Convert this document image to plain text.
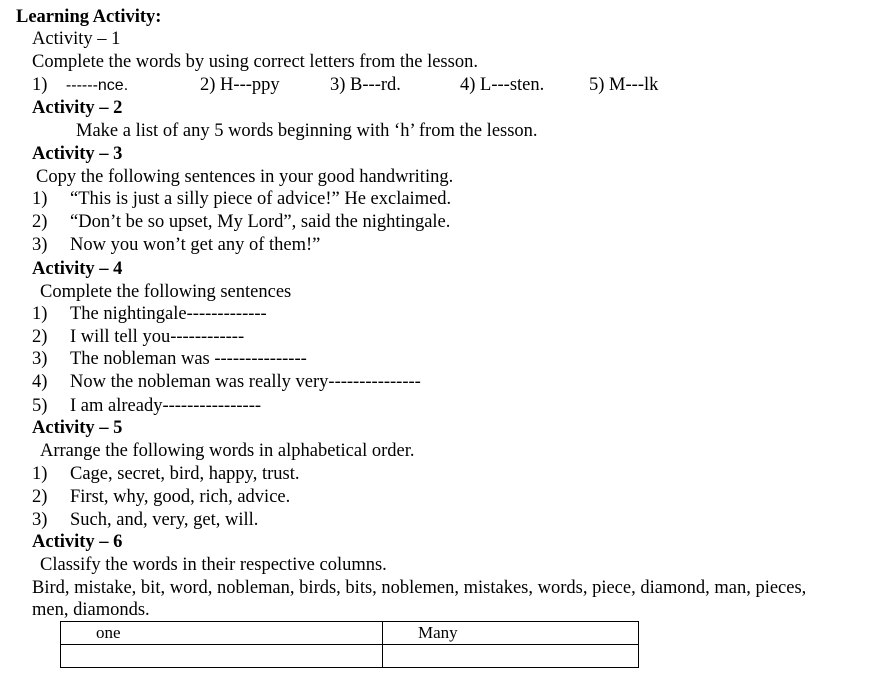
Learning Activity:
Activity – 1
Complete the words by using correct letters from the lesson.
1) ------nce.	2) H---ppy	3) B---rd.	4) L---sten. 5) M---lk
Activity – 2
Make a list of any 5 words beginning with ‘h’ from the lesson.
Activity – 3
Copy the following sentences in your good handwriting.
1) “This is just a silly piece of advice!” He exclaimed.
2) “Don’t be so upset, My Lord”, said the nightingale.
3) Now you won’t get any of them!”
Activity – 4
Complete the following sentences
1) The nightingale-------------
2) I will tell you------------
3) The nobleman was ---------------
4) Now the nobleman was really very---------------
5) I am already----------------
Activity – 5
Arrange the following words in alphabetical order.
1) Cage, secret, bird, happy, trust.
2) First, why, good, rich, advice.
3) Such, and, very, get, will.
Activity – 6
Classify the words in their respective columns.
Bird, mistake, bit, word, nobleman, birds, bits, noblemen, mistakes, words, piece, diamond, man, pieces,
men, diamonds.
one	Many
